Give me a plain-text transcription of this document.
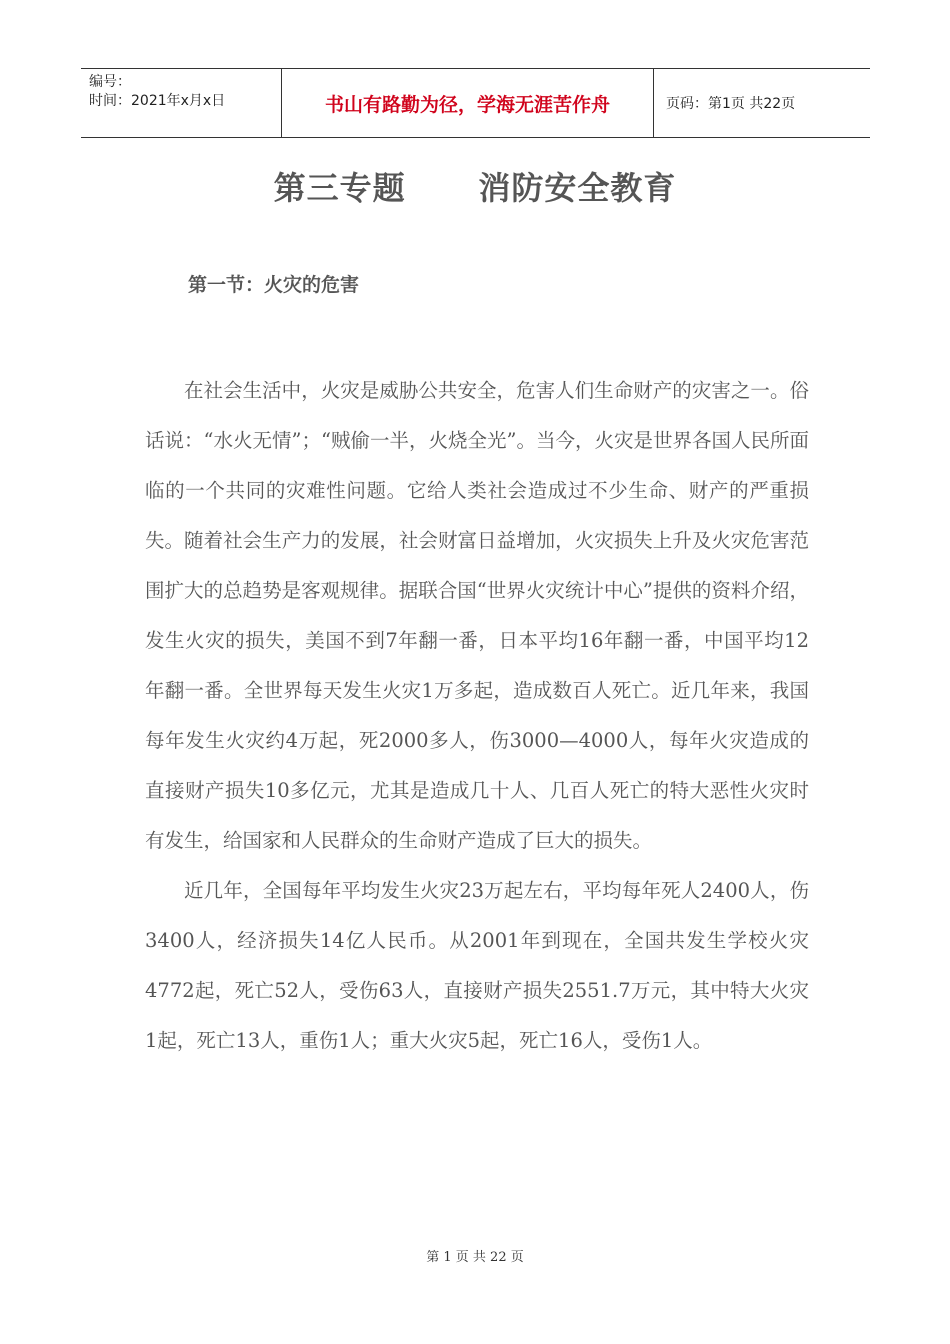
编号：
时间：2021年x月x日	书山有路勤为径，学海无涯苦作舟	页码：第1页 共22页
第三专题      消防安全教育
第一节：火灾的危害

在社会生活中，火灾是威胁公共安全，危害人们生命财产的灾害之一。俗话说：“水火无情”；“贼偷一半，火烧全光”。当今，火灾是世界各国人民所面临的一个共同的灾难性问题。它给人类社会造成过不少生命、财产的严重损失。随着社会生产力的发展，社会财富日益增加，火灾损失上升及火灾危害范围扩大的总趋势是客观规律。据联合国“世界火灾统计中心”提供的资料介绍，发生火灾的损失，美国不到7年翻一番，日本平均16年翻一番，中国平均12年翻一番。全世界每天发生火灾1万多起，造成数百人死亡。近几年来，我国每年发生火灾约4万起，死2000多人，伤3000—4000人，每年火灾造成的直接财产损失10多亿元，尤其是造成几十人、几百人死亡的特大恶性火灾时有发生，给国家和人民群众的生命财产造成了巨大的损失。

近几年，全国每年平均发生火灾23万起左右，平均每年死人2400人，伤3400人，经济损失14亿人民币。从2001年到现在，全国共发生学校火灾4772起，死亡52人，受伤63人，直接财产损失2551.7万元，其中特大火灾1起，死亡13人，重伤1人；重大火灾5起，死亡16人，受伤1人。

第 1 页 共 22 页
